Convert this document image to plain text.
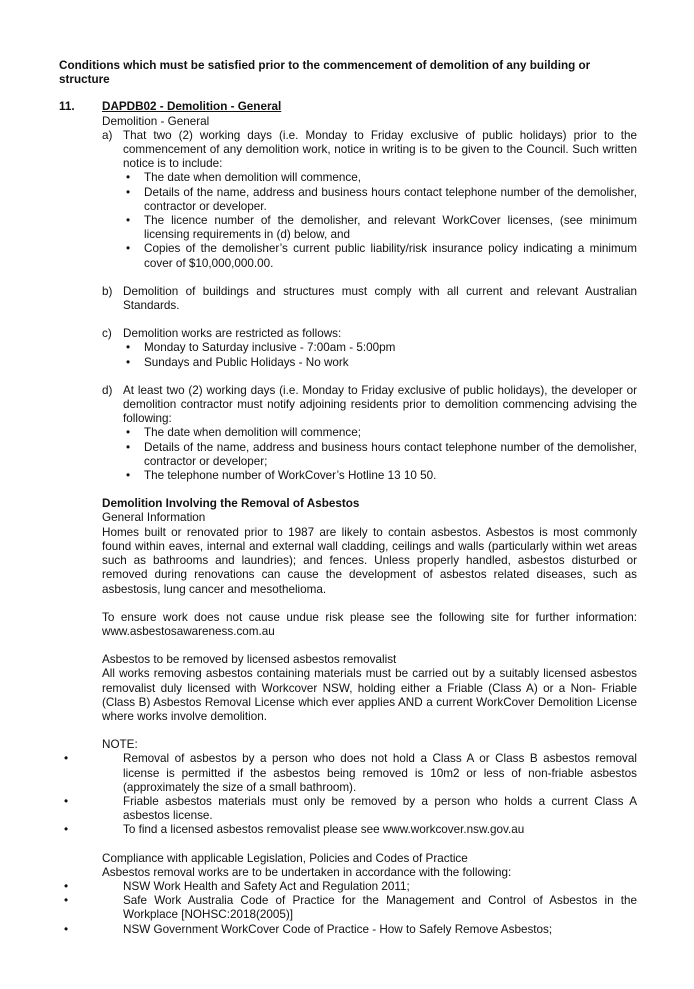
Conditions which must be satisfied prior to the commencement of demolition of any building or structure

11. DAPDB02 - Demolition - General

Demolition - General

a) That two (2) working days (i.e. Monday to Friday exclusive of public holidays) prior to the commencement of any demolition work, notice in writing is to be given to the Council. Such written notice is to include:

• The date when demolition will commence,
• Details of the name, address and business hours contact telephone number of the demolisher, contractor or developer.
• The licence number of the demolisher, and relevant WorkCover licenses, (see minimum licensing requirements in (d) below, and
• Copies of the demolisher’s current public liability/risk insurance policy indicating a minimum cover of $10,000,000.00.
b) Demolition of buildings and structures must comply with all current and relevant Australian Standards.

c) Demolition works are restricted as follows:

• Monday to Saturday inclusive - 7:00am - 5:00pm
• Sundays and Public Holidays - No work
d) At least two (2) working days (i.e. Monday to Friday exclusive of public holidays), the developer or demolition contractor must notify adjoining residents prior to demolition commencing advising the following:

• The date when demolition will commence;
• Details of the name, address and business hours contact telephone number of the demolisher, contractor or developer;
• The telephone number of WorkCover’s Hotline 13 10 50.

Demolition Involving the Removal of Asbestos

General Information

Homes built or renovated prior to 1987 are likely to contain asbestos. Asbestos is most commonly found within eaves, internal and external wall cladding, ceilings and walls (particularly within wet areas such as bathrooms and laundries); and fences. Unless properly handled, asbestos disturbed or removed during renovations can cause the development of asbestos related diseases, such as asbestosis, lung cancer and mesothelioma.

To ensure work does not cause undue risk please see the following site for further information: www.asbestosawareness.com.au

Asbestos to be removed by licensed asbestos removalist

All works removing asbestos containing materials must be carried out by a suitably licensed asbestos removalist duly licensed with Workcover NSW, holding either a Friable (Class A) or a Non- Friable (Class B) Asbestos Removal License which ever applies AND a current WorkCover Demolition License where works involve demolition.

NOTE:

•	Removal of asbestos by a person who does not hold a Class A or Class B asbestos removal license is permitted if the asbestos being removed is 10m2 or less of non-friable asbestos (approximately the size of a small bathroom).
•	Friable asbestos materials must only be removed by a person who holds a current Class A asbestos license.
•	To find a licensed asbestos removalist please see www.workcover.nsw.gov.au

Compliance with applicable Legislation, Policies and Codes of Practice

Asbestos removal works are to be undertaken in accordance with the following:

•	NSW Work Health and Safety Act and Regulation 2011;
•	Safe Work Australia Code of Practice for the Management and Control of Asbestos in the Workplace [NOHSC:2018(2005)]
•	NSW Government WorkCover Code of Practice - How to Safely Remove Asbestos;
